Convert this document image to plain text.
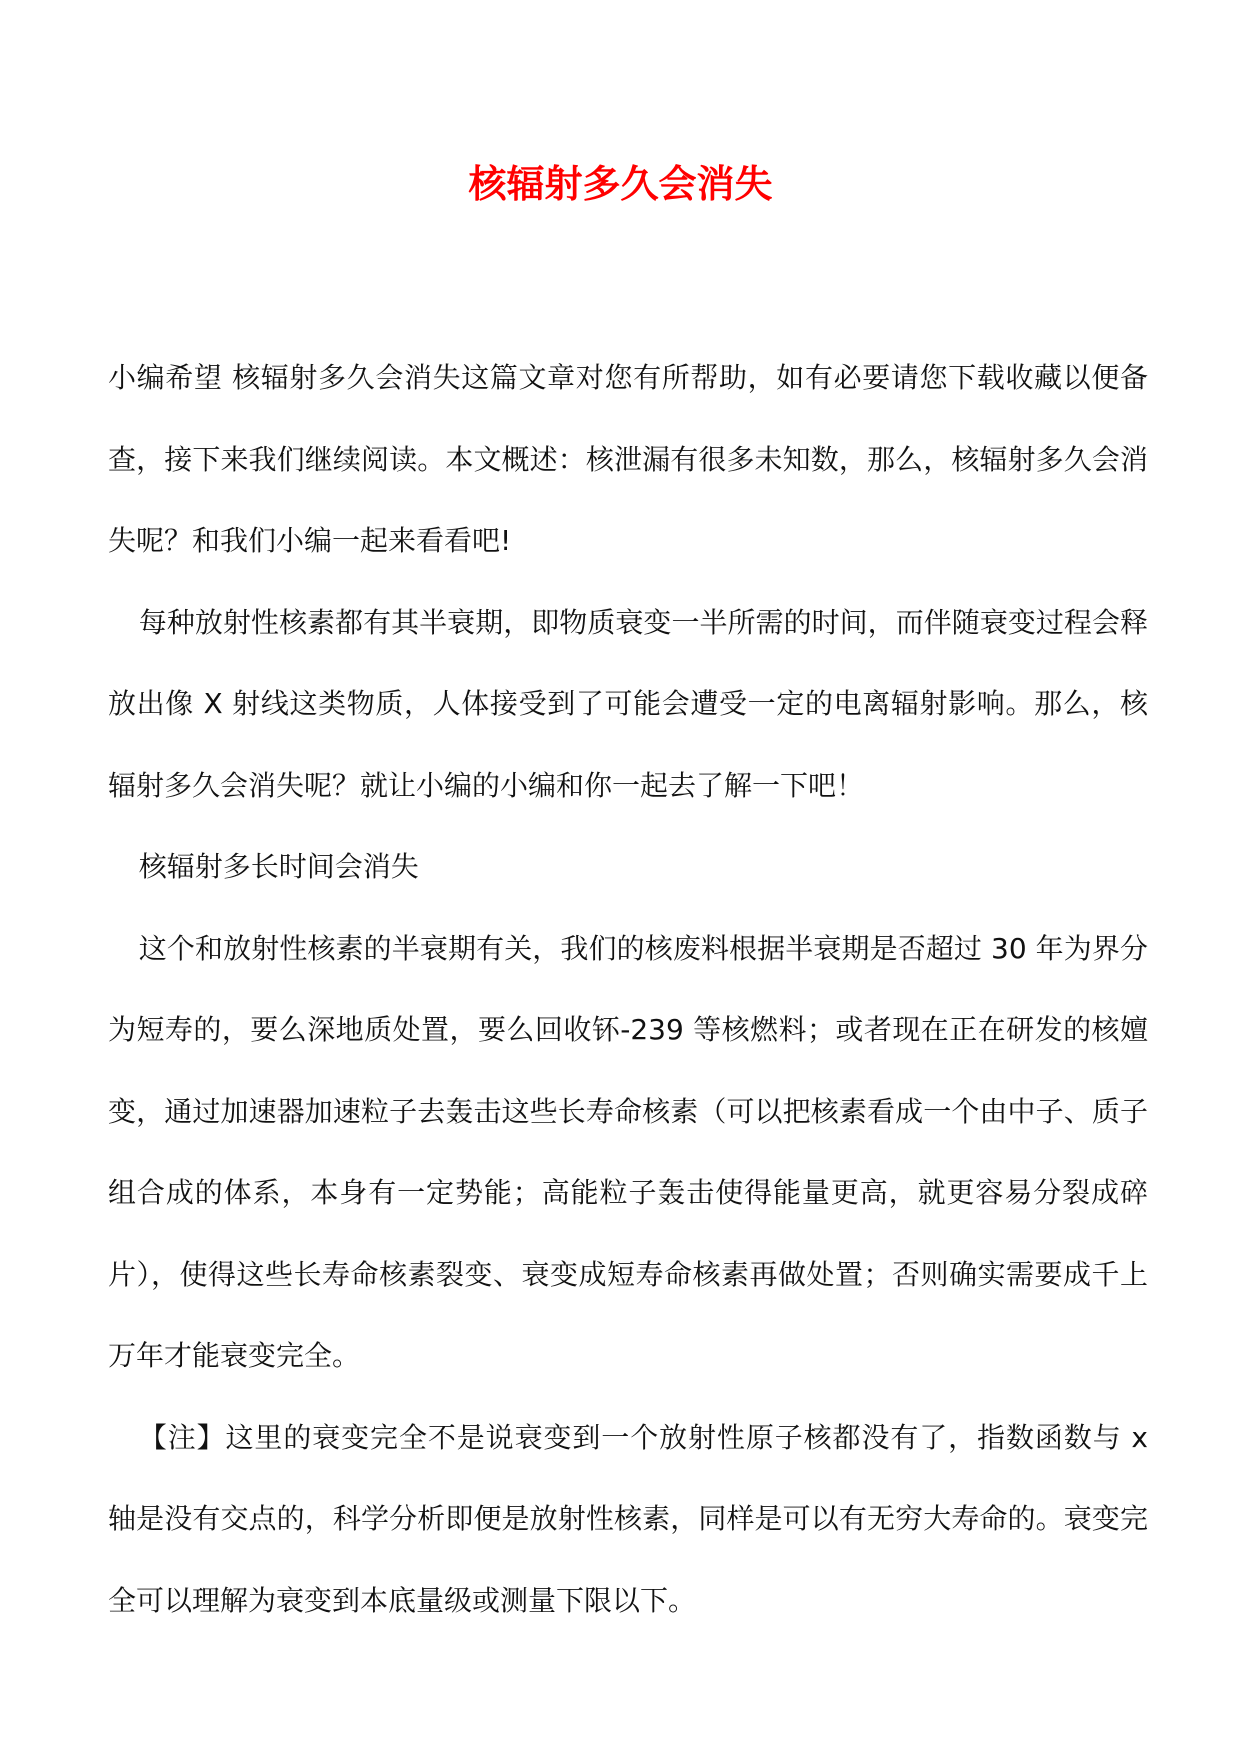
核辐射多久会消失

小编希望 核辐射多久会消失这篇文章对您有所帮助，如有必要请您下载收藏以便备查，接下来我们继续阅读。本文概述：核泄漏有很多未知数，那么，核辐射多久会消失呢？和我们小编一起来看看吧!

每种放射性核素都有其半衰期，即物质衰变一半所需的时间，而伴随衰变过程会释放出像 X 射线这类物质，人体接受到了可能会遭受一定的电离辐射影响。那么，核辐射多久会消失呢？就让小编的小编和你一起去了解一下吧！

核辐射多长时间会消失

这个和放射性核素的半衰期有关，我们的核废料根据半衰期是否超过 30 年为界分为短寿的，要么深地质处置，要么回收钚-239 等核燃料；或者现在正在研发的核嬗变，通过加速器加速粒子去轰击这些长寿命核素（可以把核素看成一个由中子、质子组合成的体系，本身有一定势能；高能粒子轰击使得能量更高，就更容易分裂成碎片），使得这些长寿命核素裂变、衰变成短寿命核素再做处置；否则确实需要成千上万年才能衰变完全。

【注】这里的衰变完全不是说衰变到一个放射性原子核都没有了，指数函数与 x 轴是没有交点的，科学分析即便是放射性核素，同样是可以有无穷大寿命的。衰变完全可以理解为衰变到本底量级或测量下限以下。
